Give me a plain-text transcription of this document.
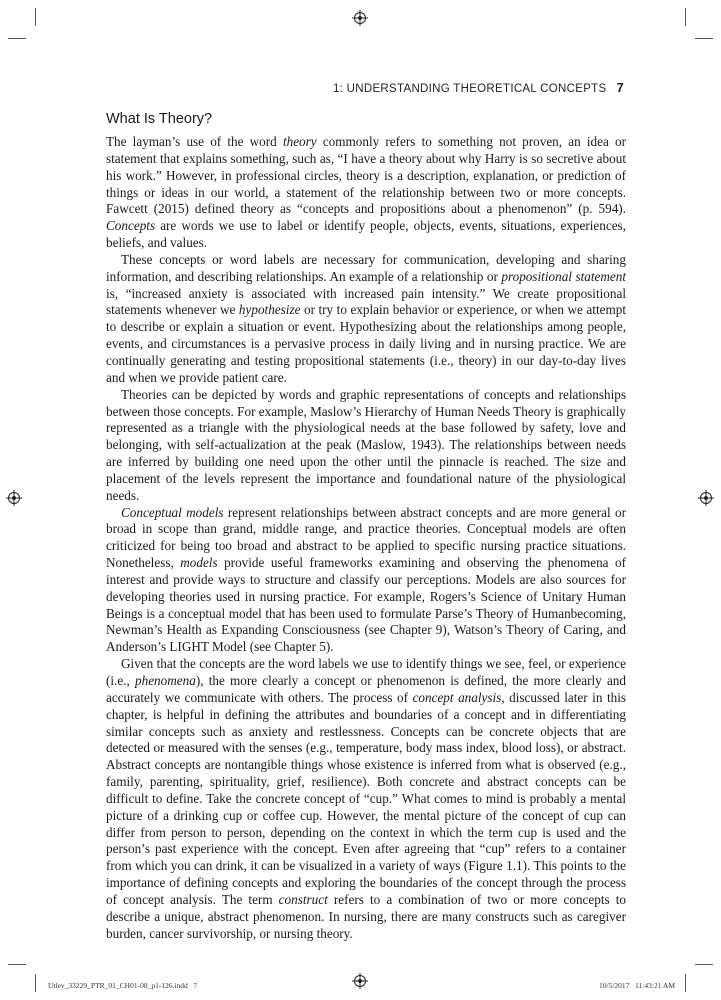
1: UNDERSTANDING THEORETICAL CONCEPTS 7
What Is Theory?

The layman’s use of the word theory commonly refers to something not proven, an idea or statement that explains something, such as, “I have a theory about why Harry is so secretive about his work.” However, in professional circles, theory is a description, explanation, or prediction of things or ideas in our world, a statement of the relationship between two or more concepts. Fawcett (2015) defined theory as “concepts and propositions about a phenomenon” (p. 594). Concepts are words we use to label or identify people, objects, events, situations, experiences, beliefs, and values.

These concepts or word labels are necessary for communication, developing and sharing information, and describing relationships. An example of a relationship or propositional statement is, “increased anxiety is associated with increased pain intensity.” We create propositional statements whenever we hypothesize or try to explain behavior or experience, or when we attempt to describe or explain a situation or event. Hypothesizing about the relationships among people, events, and circumstances is a pervasive process in daily living and in nursing practice. We are continually generating and testing propositional statements (i.e., theory) in our day-to-day lives and when we provide patient care.

Theories can be depicted by words and graphic representations of concepts and relationships between those concepts. For example, Maslow’s Hierarchy of Human Needs Theory is graphically represented as a triangle with the physiological needs at the base followed by safety, love and belonging, with self-actualization at the peak (Maslow, 1943). The relationships between needs are inferred by building one need upon the other until the pinnacle is reached. The size and placement of the levels represent the importance and foundational nature of the physiological needs.

Conceptual models represent relationships between abstract concepts and are more general or broad in scope than grand, middle range, and practice theories. Conceptual models are often criticized for being too broad and abstract to be applied to specific nursing practice situations. Nonetheless, models provide useful frameworks examining and observing the phenomena of interest and provide ways to structure and classify our perceptions. Models are also sources for developing theories used in nursing practice. For example, Rogers’s Science of Unitary Human Beings is a conceptual model that has been used to formulate Parse’s Theory of Humanbecoming, Newman’s Health as Expanding Consciousness (see Chapter 9), Watson’s Theory of Caring, and Anderson’s LIGHT Model (see Chapter 5).

Given that the concepts are the word labels we use to identify things we see, feel, or experience (i.e., phenomena), the more clearly a concept or phenomenon is defined, the more clearly and accurately we communicate with others. The process of concept analysis, discussed later in this chapter, is helpful in defining the attributes and boundaries of a concept and in differentiating similar concepts such as anxiety and restlessness. Concepts can be concrete objects that are detected or measured with the senses (e.g., temperature, body mass index, blood loss), or abstract. Abstract concepts are nontangible things whose existence is inferred from what is observed (e.g., family, parenting, spirituality, grief, resilience). Both concrete and abstract concepts can be difficult to define. Take the concrete concept of “cup.” What comes to mind is probably a mental picture of a drinking cup or coffee cup. However, the mental picture of the concept of cup can differ from person to person, depending on the context in which the term cup is used and the person’s past experience with the concept. Even after agreeing that “cup” refers to a container from which you can drink, it can be visualized in a variety of ways (Figure 1.1). This points to the importance of defining concepts and exploring the boundaries of the concept through the process of concept analysis. The term construct refers to a combination of two or more concepts to describe a unique, abstract phenomenon. In nursing, there are many constructs such as caregiver burden, cancer survivorship, or nursing theory.

Utley_33229_PTR_01_CH01-08_p1-126.indd   7	10/5/2017   11:43:21 AM
